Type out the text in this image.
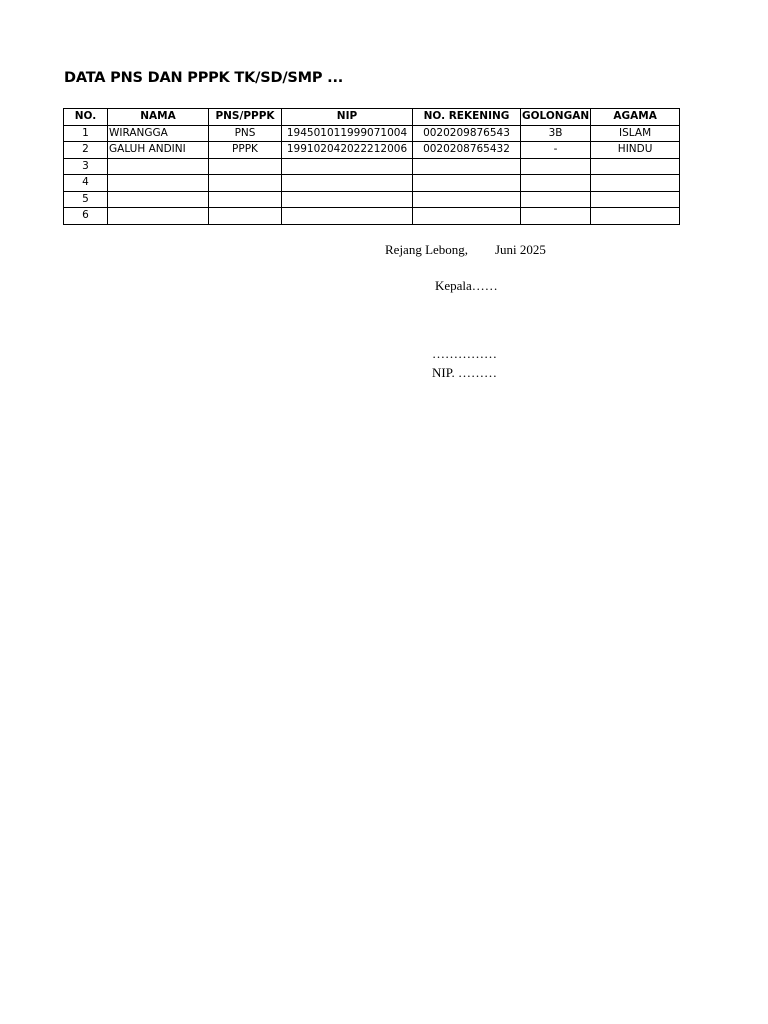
DATA PNS DAN PPPK TK/SD/SMP ...
NO.	NAMA	PNS/PPPK	NIP	NO. REKENING	GOLONGAN	AGAMA
1	WIRANGGA	PNS	194501011999071004	0020209876543	3B	ISLAM
2	GALUH ANDINI	PPPK	199102042022212006	0020208765432	-	HINDU
3						
4						
5						
6						
Rejang Lebong, Juni 2025
Kepala……
……………
NIP. ………
